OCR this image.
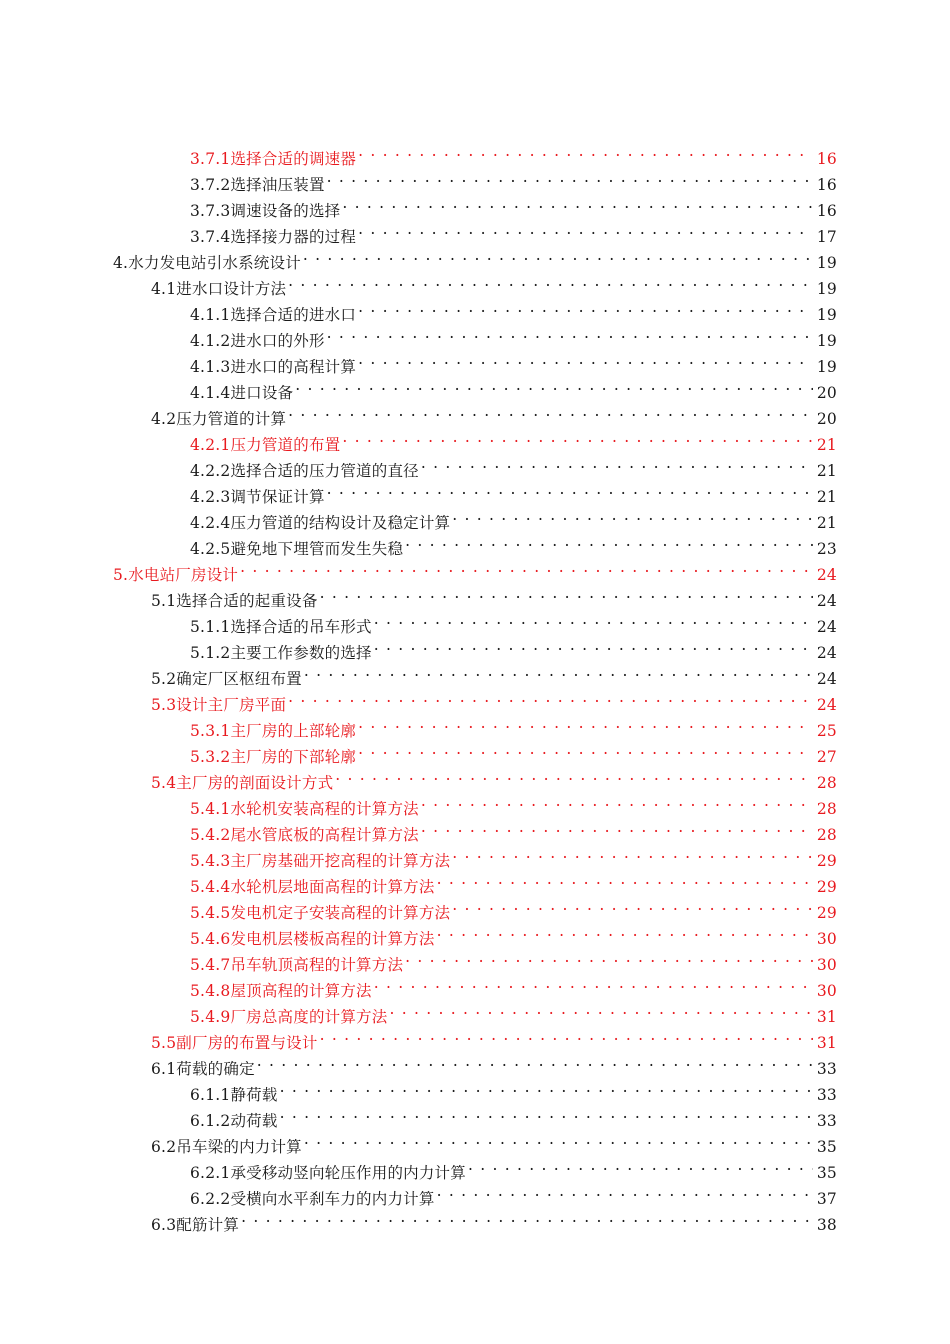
3.7.1 选择合适的调速器 . . .	16
3.7.2 选择油压装置 . . .	16
3.7.3 调速设备的选择 . . .	16
3.7.4 选择接力器的过程 . . .	17
4. 水力发电站引水系统设计 . . .	19
4.1 进水口设计方法 . . .	19
4.1.1 选择合适的进水口 . . .	19
4.1.2 进水口的外形 . . .	19
4.1.3 进水口的高程计算 . . .	19
4.1.4 进口设备 . . .	20
4.2 压力管道的计算 . . .	20
4.2.1 压力管道的布置 . . .	21
4.2.2 选择合适的压力管道的直径 . . .	21
4.2.3 调节保证计算 . . .	21
4.2.4 压力管道的结构设计及稳定计算 . . .	21
4.2.5 避免地下埋管而发生失稳 . . .	23
5. 水电站厂房设计 . . .	24
5.1 选择合适的起重设备 . . .	24
5.1.1 选择合适的吊车形式 . . .	24
5.1.2 主要工作参数的选择 . . .	24
5.2 确定厂区枢纽布置 . . .	24
5.3 设计主厂房平面 . . .	24
5.3.1 主厂房的上部轮廓 . . .	25
5.3.2 主厂房的下部轮廓 . . .	27
5.4 主厂房的剖面设计方式 . . .	28
5.4.1 水轮机安装高程的计算方法 . . .	28
5.4.2 尾水管底板的高程计算方法 . . .	28
5.4.3 主厂房基础开挖高程的计算方法 . . .	29
5.4.4 水轮机层地面高程的计算方法 . . .	29
5.4.5 发电机定子安装高程的计算方法 . . .	29
5.4.6 发电机层楼板高程的计算方法 . . .	30
5.4.7 吊车轨顶高程的计算方法 . . .	30
5.4.8 屋顶高程的计算方法 . . .	30
5.4.9 厂房总高度的计算方法 . . .	31
5.5 副厂房的布置与设计 . . .	31
6.1 荷载的确定 . . .	33
6.1.1 静荷载 . . .	33
6.1.2 动荷载 . . .	33
6.2 吊车梁的内力计算 . . .	35
6.2.1 承受移动竖向轮压作用的内力计算 . . .	35
6.2.2 受横向水平刹车力的内力计算 . . .	37
6.3 配筋计算 . . .	38
